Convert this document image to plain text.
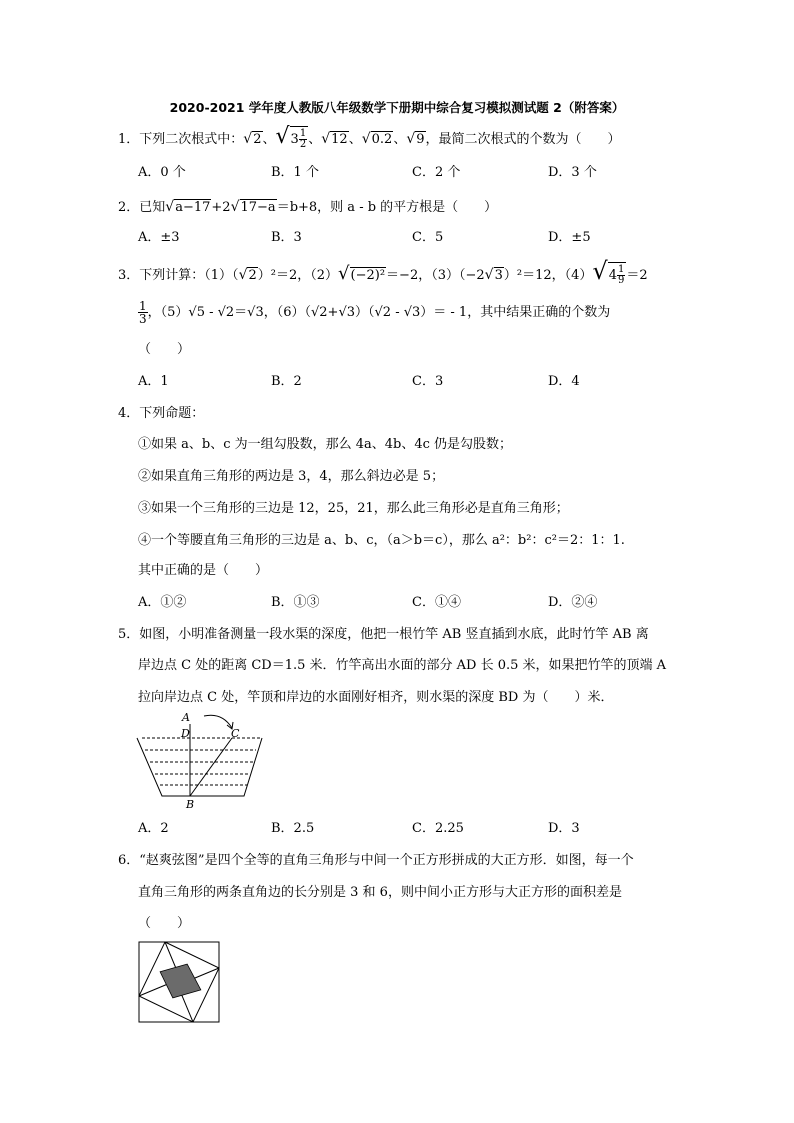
2020-2021 学年度人教版八年级数学下册期中综合复习模拟测试题 2（附答案）
1．下列二次根式中：√2、$√3 \frac{1}{2}$ 、√12、√0.2、√9，最简二次根式的个数为（　　）
A．0 个	B．1 个	C．2 个	D．3 个
2．已知√a−17+2√17−a＝b+8，则 a - b 的平方根是（　　）
A．±3	B．3	C．5	D．±5
3．下列计算：（1）（√2）²＝2，（2）√(−2)²＝−2，（3）（−2√3）²＝12，$(4)√4 \frac{1}{9} =2$
$\frac{1}{3}$ ，（5）√5 - √2＝√3，（6）（√2+√3）（√2 - √3）＝ - 1，其中结果正确的个数为
（　　）
A．1	B．2	C．3	D．4
4．下列命题：
①如果 a、b、c 为一组勾股数，那么 4a、4b、4c 仍是勾股数；
②如果直角三角形的两边是 3，4，那么斜边必是 5；
③如果一个三角形的三边是 12，25，21，那么此三角形必是直角三角形；
④一个等腰直角三角形的三边是 a、b、c，（a＞b＝c），那么 a²：b²：c²＝2：1：1.
其中正确的是（　　）
A．①②	B．①③	C．①④	D．②④
5．如图，小明准备测量一段水渠的深度，他把一根竹竿 AB 竖直插到水底，此时竹竿 AB 离
岸边点 C 处的距离 CD＝1.5 米．竹竿高出水面的部分 AD 长 0.5 米，如果把竹竿的顶端 A
拉向岸边点 C 处，竿顶和岸边的水面刚好相齐，则水渠的深度 BD 为（　　）米．
A
D	C
B
A．2	B．2.5	C．2.25	D．3
6．“赵爽弦图”是四个全等的直角三角形与中间一个正方形拼成的大正方形．如图，每一个
直角三角形的两条直角边的长分别是 3 和 6，则中间小正方形与大正方形的面积差是
（　　）
